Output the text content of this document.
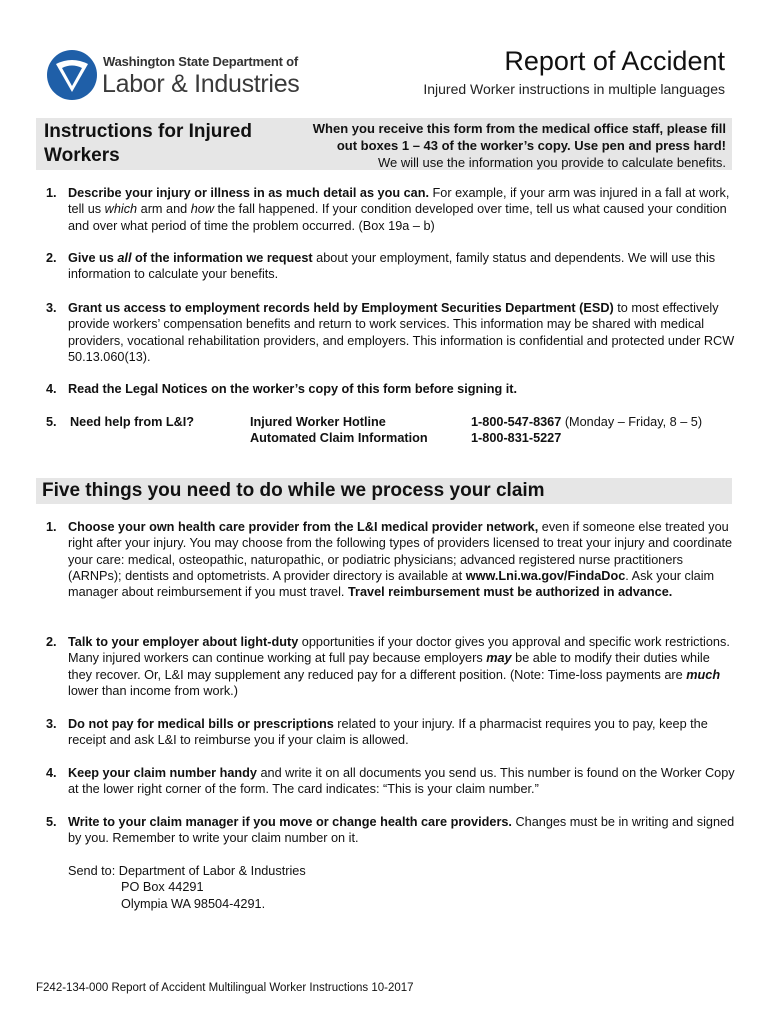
Washington State Department of
Labor & Industries
Report of Accident
Injured Worker instructions in multiple languages
Instructions for Injured
Workers
When you receive this form from the medical office staff, please fill
out boxes 1 – 43 of the worker’s copy. Use pen and press hard!
We will use the information you provide to calculate benefits.
1. Describe your injury or illness in as much detail as you can. For example, if your arm was injured in a fall at work, tell us which arm and how the fall happened. If your condition developed over time, tell us what caused your condition and over what period of time the problem occurred. (Box 19a – b)
2. Give us all of the information we request about your employment, family status and dependents. We will use this information to calculate your benefits.
3. Grant us access to employment records held by Employment Securities Department (ESD) to most effectively provide workers’ compensation benefits and return to work services. This information may be shared with medical providers, vocational rehabilitation providers, and employers. This information is confidential and protected under RCW 50.13.060(13).
4. Read the Legal Notices on the worker’s copy of this form before signing it.
5. Need help from L&I?	Injured Worker Hotline
Automated Claim Information
1-800-547-8367 (Monday – Friday, 8 – 5)
1-800-831-5227
Five things you need to do while we process your claim
1. Choose your own health care provider from the L&I medical provider network, even if someone else treated you right after your injury. You may choose from the following types of providers licensed to treat your injury and coordinate your care: medical, osteopathic, naturopathic, or podiatric physicians; advanced registered nurse practitioners (ARNPs); dentists and optometrists. A provider directory is available at www.Lni.wa.gov/FindaDoc. Ask your claim manager about reimbursement if you must travel. Travel reimbursement must be authorized in advance.
2. Talk to your employer about light-duty opportunities if your doctor gives you approval and specific work restrictions. Many injured workers can continue working at full pay because employers may be able to modify their duties while they recover. Or, L&I may supplement any reduced pay for a different position. (Note: Time-loss payments are much lower than income from work.)
3. Do not pay for medical bills or prescriptions related to your injury. If a pharmacist requires you to pay, keep the receipt and ask L&I to reimburse you if your claim is allowed.
4. Keep your claim number handy and write it on all documents you send us. This number is found on the Worker Copy at the lower right corner of the form. The card indicates: “This is your claim number.”
5. Write to your claim manager if you move or change health care providers. Changes must be in writing and signed by you. Remember to write your claim number on it.
Send to: Department of Labor & Industries
PO Box 44291
Olympia WA 98504-4291.
F242-134-000 Report of Accident Multilingual Worker Instructions 10-2017
